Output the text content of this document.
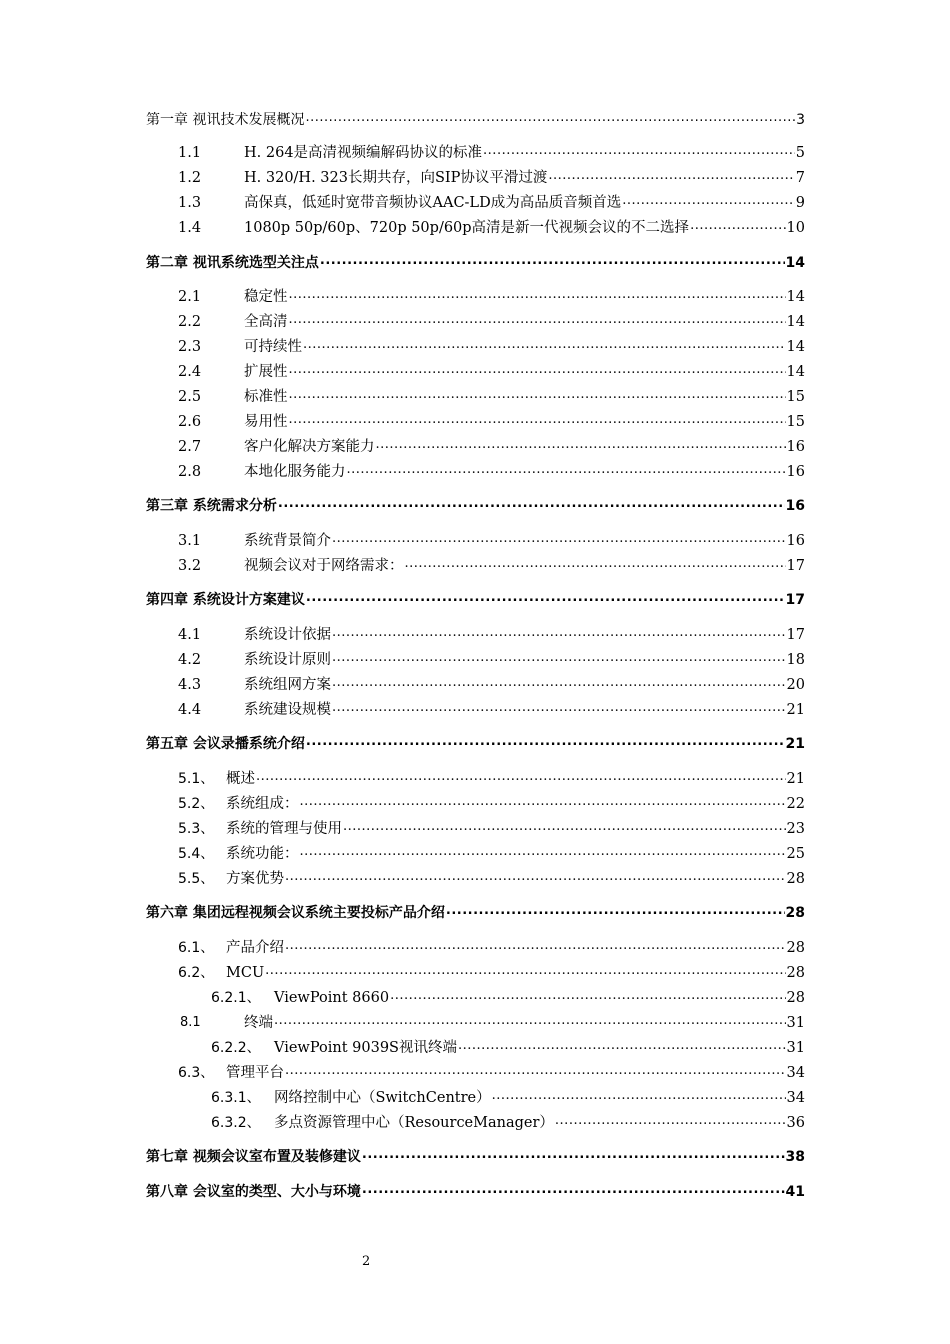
第一章 视讯技术发展概况 .....	3
1.1	H. 264是高清视频编解码协议的标准 .....	5
1.2	H. 320/H. 323长期共存，向SIP协议平滑过渡 .....	7
1.3	高保真，低延时宽带音频协议AAC-LD成为高品质音频首选 .....	9
1.4	1080p 50p/60p、720p 50p/60p高清是新一代视频会议的不二选择 .....	10
第二章 视讯系统选型关注点 .....	14
2.1	稳定性 .....	14
2.2	全高清 .....	14
2.3	可持续性 .....	14
2.4	扩展性 .....	14
2.5	标准性 .....	15
2.6	易用性 .....	15
2.7	客户化解决方案能力 .....	16
2.8	本地化服务能力 .....	16
第三章 系统需求分析 .....	16
3.1	系统背景简介 .....	16
3.2	视频会议对于网络需求： .....	17
第四章 系统设计方案建议 .....	17
4.1	系统设计依据 .....	17
4.2	系统设计原则 .....	18
4.3	系统组网方案 .....	20
4.4	系统建设规模 .....	21
第五章 会议录播系统介绍 .....	21
5.1、 概述 .....	21
5.2、 系统组成： .....	22
5.3、 系统的管理与使用 .....	23
5.4、 系统功能： .....	25
5.5、 方案优势 .....	28
第六章 集团远程视频会议系统主要投标产品介绍 .....	28
6.1、 产品介绍 .....	28
6.2、 MCU .....	28
6.2.1、 ViewPoint 8660 .....	28
8.1	终端 .....	31
6.2.2、 ViewPoint 9039S视讯终端 .....	31
6.3、 管理平台 .....	34
6.3.1、 网络控制中心（SwitchCentre） .....	34
6.3.2、 多点资源管理中心（ResourceManager） .....	36
第七章 视频会议室布置及装修建议 .....	38
第八章 会议室的类型、大小与环境 .....	41
2
